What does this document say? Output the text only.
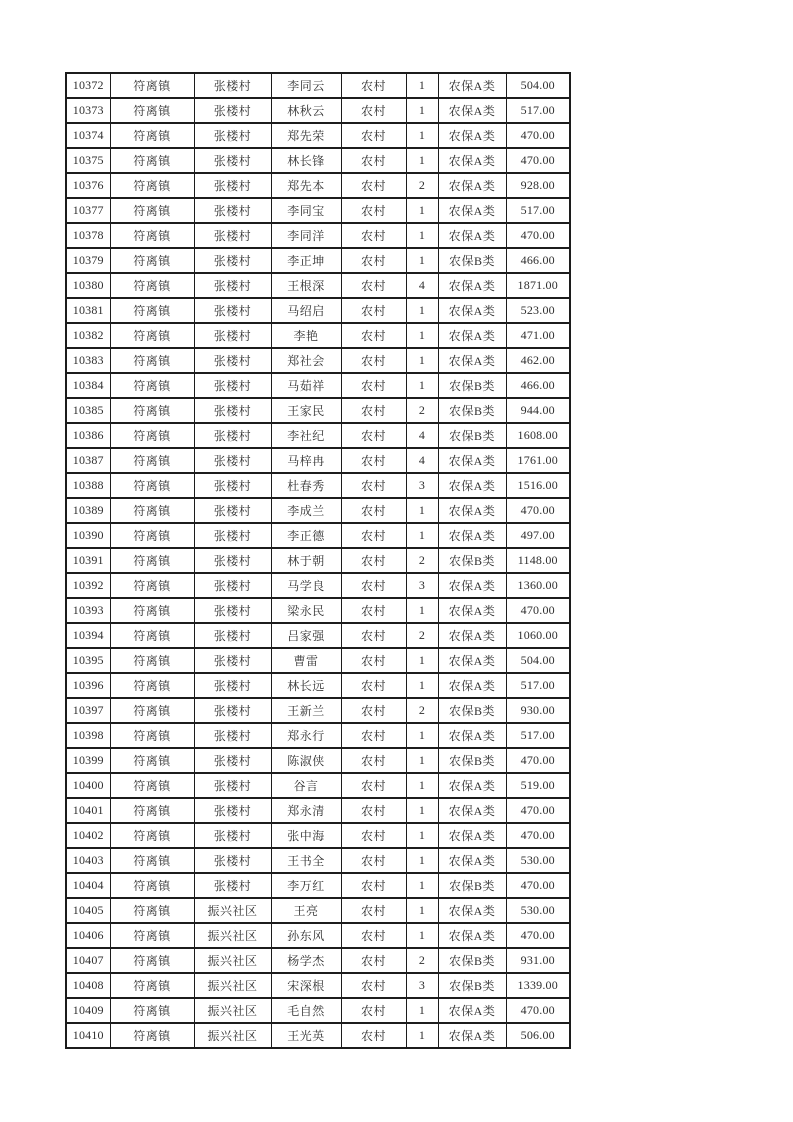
10372	符离镇	张楼村	李同云	农村	1	农保A类	504.00
10373	符离镇	张楼村	林秋云	农村	1	农保A类	517.00
10374	符离镇	张楼村	郑先荣	农村	1	农保A类	470.00
10375	符离镇	张楼村	林长锋	农村	1	农保A类	470.00
10376	符离镇	张楼村	郑先本	农村	2	农保A类	928.00
10377	符离镇	张楼村	李同宝	农村	1	农保A类	517.00
10378	符离镇	张楼村	李同洋	农村	1	农保A类	470.00
10379	符离镇	张楼村	李正坤	农村	1	农保B类	466.00
10380	符离镇	张楼村	王根深	农村	4	农保A类	1871.00
10381	符离镇	张楼村	马绍启	农村	1	农保A类	523.00
10382	符离镇	张楼村	李艳	农村	1	农保A类	471.00
10383	符离镇	张楼村	郑社会	农村	1	农保A类	462.00
10384	符离镇	张楼村	马茹祥	农村	1	农保B类	466.00
10385	符离镇	张楼村	王家民	农村	2	农保B类	944.00
10386	符离镇	张楼村	李社纪	农村	4	农保B类	1608.00
10387	符离镇	张楼村	马梓冉	农村	4	农保A类	1761.00
10388	符离镇	张楼村	杜春秀	农村	3	农保A类	1516.00
10389	符离镇	张楼村	李成兰	农村	1	农保A类	470.00
10390	符离镇	张楼村	李正德	农村	1	农保A类	497.00
10391	符离镇	张楼村	林于朝	农村	2	农保B类	1148.00
10392	符离镇	张楼村	马学良	农村	3	农保A类	1360.00
10393	符离镇	张楼村	梁永民	农村	1	农保A类	470.00
10394	符离镇	张楼村	吕家强	农村	2	农保A类	1060.00
10395	符离镇	张楼村	曹雷	农村	1	农保A类	504.00
10396	符离镇	张楼村	林长远	农村	1	农保A类	517.00
10397	符离镇	张楼村	王新兰	农村	2	农保B类	930.00
10398	符离镇	张楼村	郑永行	农村	1	农保A类	517.00
10399	符离镇	张楼村	陈淑侠	农村	1	农保B类	470.00
10400	符离镇	张楼村	谷言	农村	1	农保A类	519.00
10401	符离镇	张楼村	郑永清	农村	1	农保A类	470.00
10402	符离镇	张楼村	张中海	农村	1	农保A类	470.00
10403	符离镇	张楼村	王书全	农村	1	农保A类	530.00
10404	符离镇	张楼村	李万红	农村	1	农保B类	470.00
10405	符离镇	振兴社区	王亮	农村	1	农保A类	530.00
10406	符离镇	振兴社区	孙东风	农村	1	农保A类	470.00
10407	符离镇	振兴社区	杨学杰	农村	2	农保B类	931.00
10408	符离镇	振兴社区	宋深根	农村	3	农保B类	1339.00
10409	符离镇	振兴社区	毛自然	农村	1	农保A类	470.00
10410	符离镇	振兴社区	王光英	农村	1	农保A类	506.00
